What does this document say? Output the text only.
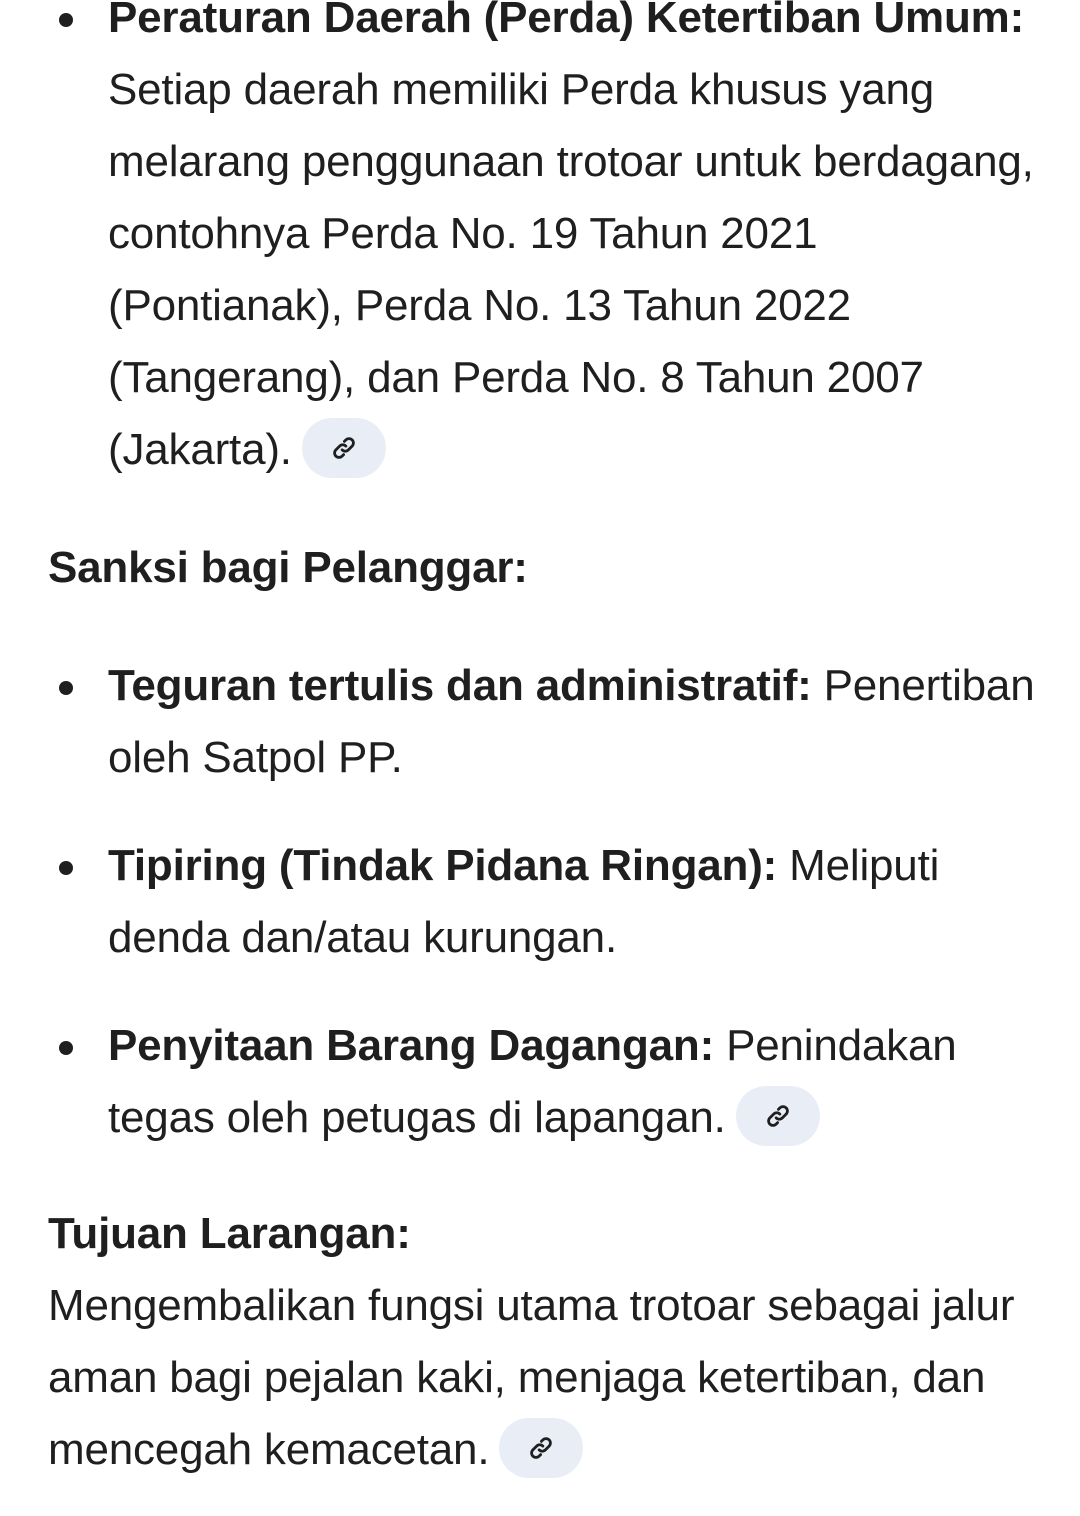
Peraturan Daerah (Perda) Ketertiban Umum: Setiap daerah memiliki Perda khusus yang melarang penggunaan trotoar untuk berdagang, contohnya Perda No. 19 Tahun 2021 (Pontianak), Perda No. 13 Tahun 2022 (Tangerang), dan Perda No. 8 Tahun 2007 (Jakarta).
Sanksi bagi Pelanggar:
Teguran tertulis dan administratif: Penertiban oleh Satpol PP.
Tipiring (Tindak Pidana Ringan): Meliputi denda dan/atau kurungan.
Penyitaan Barang Dagangan: Penindakan tegas oleh petugas di lapangan.
Tujuan Larangan:
Mengembalikan fungsi utama trotoar sebagai jalur aman bagi pejalan kaki, menjaga ketertiban, dan mencegah kemacetan.
